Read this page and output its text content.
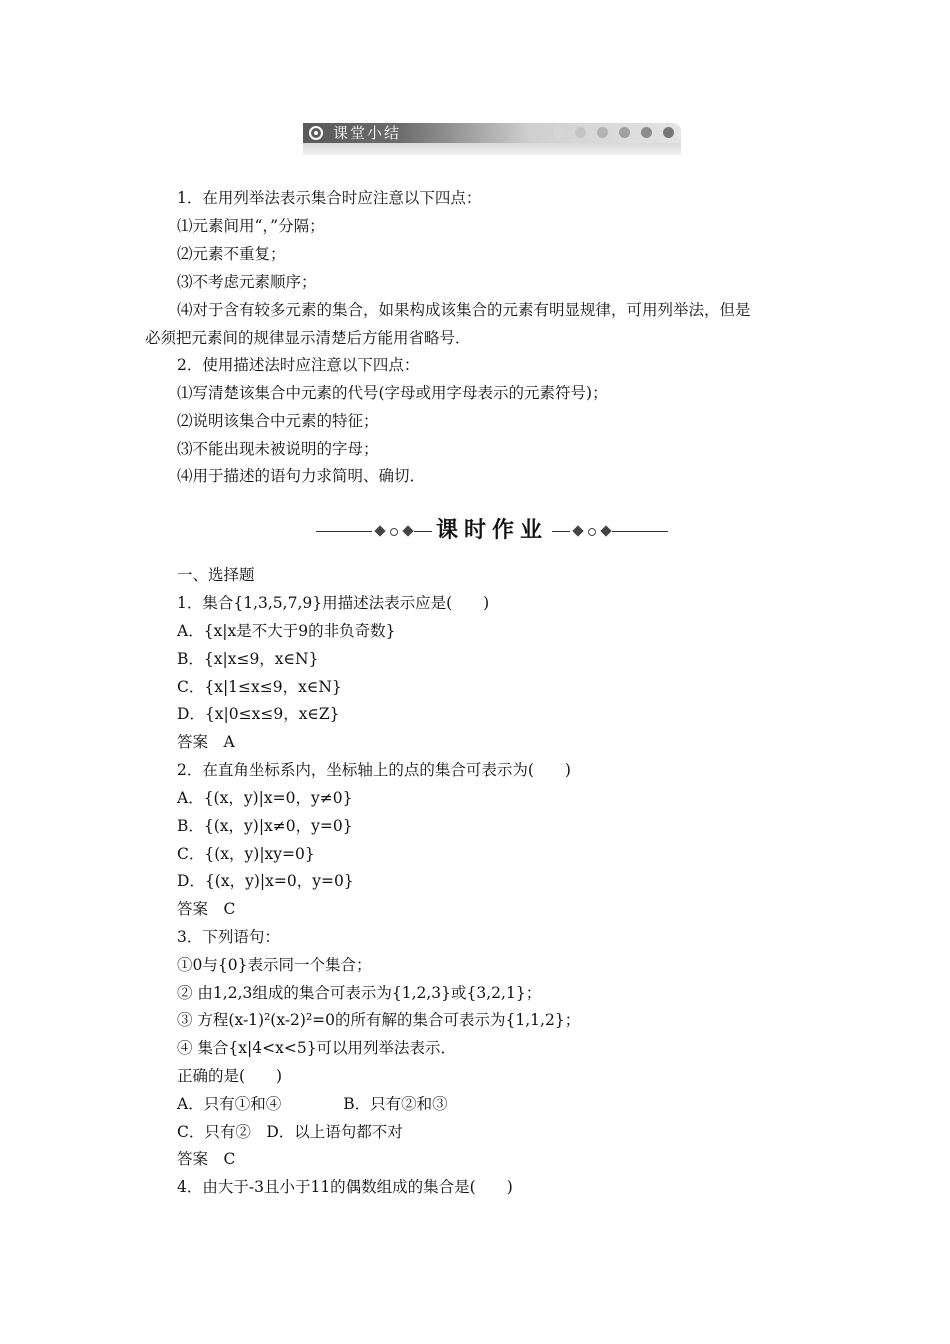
课堂小结
1．在用列举法表示集合时应注意以下四点：
⑴元素间用“，”分隔；
⑵元素不重复；
⑶不考虑元素顺序；
⑷对于含有较多元素的集合，如果构成该集合的元素有明显规律，可用列举法，但是
必须把元素间的规律显示清楚后方能用省略号．
2．使用描述法时应注意以下四点：
⑴写清楚该集合中元素的代号(字母或用字母表示的元素符号)；
⑵说明该集合中元素的特征；
⑶不能出现未被说明的字母；
⑷用于描述的语句力求简明、确切．
课时作业
一、选择题
1．集合{1,3,5,7,9}用描述法表示应是(　　)
A．{x|x是不大于9的非负奇数}
B．{x|x≤9，x∈N}
C．{x|1≤x≤9，x∈N}
D．{x|0≤x≤9，x∈Z}
答案　A
2．在直角坐标系内，坐标轴上的点的集合可表示为(　　)
A．{(x，y)|x=0，y≠0}
B．{(x，y)|x≠0，y=0}
C．{(x，y)|xy=0}
D．{(x，y)|x=0，y=0}
答案　C
3．下列语句：
①0与{0}表示同一个集合；
② 由1,2,3组成的集合可表示为{1,2,3}或{3,2,1}；
③ 方程(x-1)²(x-2)²=0的所有解的集合可表示为{1,1,2}；
④ 集合{x|4<x<5}可以用列举法表示．
正确的是(　　)
A．只有①和④　　　　B．只有②和③
C．只有②　D．以上语句都不对
答案　C
4．由大于-3且小于11的偶数组成的集合是(　　)
